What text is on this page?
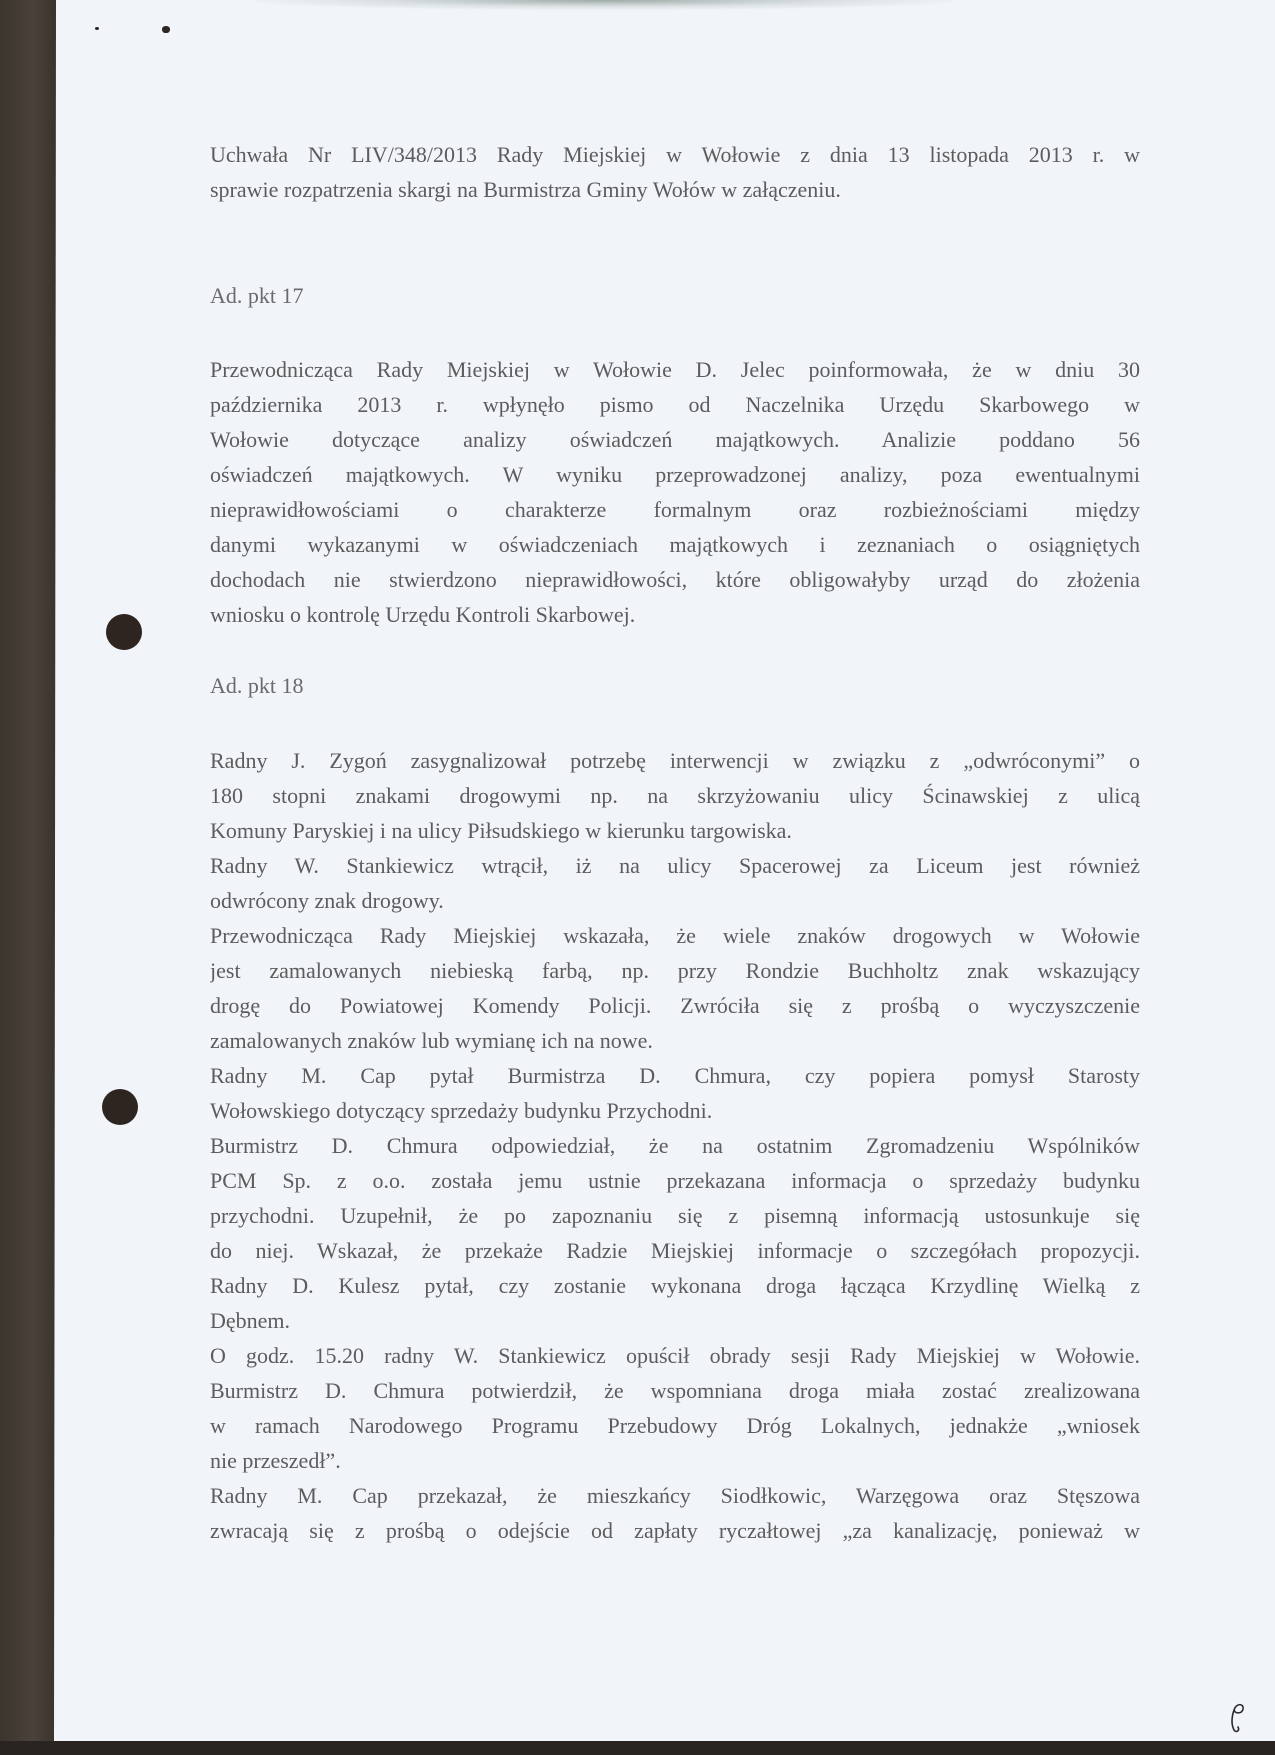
Uchwała Nr LIV/348/2013 Rady Miejskiej w Wołowie z dnia 13 listopada 2013 r. w
sprawie rozpatrzenia skargi na Burmistrza Gminy Wołów w załączeniu.
Ad. pkt 17
Przewodnicząca Rady Miejskiej w Wołowie D. Jelec poinformowała, że w dniu 30
października 2013 r. wpłynęło pismo od Naczelnika Urzędu Skarbowego w
Wołowie dotyczące analizy oświadczeń majątkowych. Analizie poddano 56
oświadczeń majątkowych. W wyniku przeprowadzonej analizy, poza ewentualnymi
nieprawidłowościami o charakterze formalnym oraz rozbieżnościami między
danymi wykazanymi w oświadczeniach majątkowych i zeznaniach o osiągniętych
dochodach nie stwierdzono nieprawidłowości, które obligowałyby urząd do złożenia
wniosku o kontrolę Urzędu Kontroli Skarbowej.
Ad. pkt 18
Radny J. Zygoń zasygnalizował potrzebę interwencji w związku z „odwróconymi” o
180 stopni znakami drogowymi np. na skrzyżowaniu ulicy Ścinawskiej z ulicą
Komuny Paryskiej i na ulicy Piłsudskiego w kierunku targowiska.
Radny W. Stankiewicz wtrącił, iż na ulicy Spacerowej za Liceum jest również
odwrócony znak drogowy.
Przewodnicząca Rady Miejskiej wskazała, że wiele znaków drogowych w Wołowie
jest zamalowanych niebieską farbą, np. przy Rondzie Buchholtz znak wskazujący
drogę do Powiatowej Komendy Policji. Zwróciła się z prośbą o wyczyszczenie
zamalowanych znaków lub wymianę ich na nowe.
Radny M. Cap pytał Burmistrza D. Chmura, czy popiera pomysł Starosty
Wołowskiego dotyczący sprzedaży budynku Przychodni.
Burmistrz D. Chmura odpowiedział, że na ostatnim Zgromadzeniu Wspólników
PCM Sp. z o.o. została jemu ustnie przekazana informacja o sprzedaży budynku
przychodni. Uzupełnił, że po zapoznaniu się z pisemną informacją ustosunkuje się
do niej. Wskazał, że przekaże Radzie Miejskiej informacje o szczegółach propozycji.
Radny D. Kulesz pytał, czy zostanie wykonana droga łącząca Krzydlinę Wielką z
Dębnem.
O godz. 15.20 radny W. Stankiewicz opuścił obrady sesji Rady Miejskiej w Wołowie.
Burmistrz D. Chmura potwierdził, że wspomniana droga miała zostać zrealizowana
w ramach Narodowego Programu Przebudowy Dróg Lokalnych, jednakże „wniosek
nie przeszedł”.
Radny M. Cap przekazał, że mieszkańcy Siodłkowic, Warzęgowa oraz Stęszowa
zwracają się z prośbą o odejście od zapłaty ryczałtowej „za kanalizację, ponieważ w
